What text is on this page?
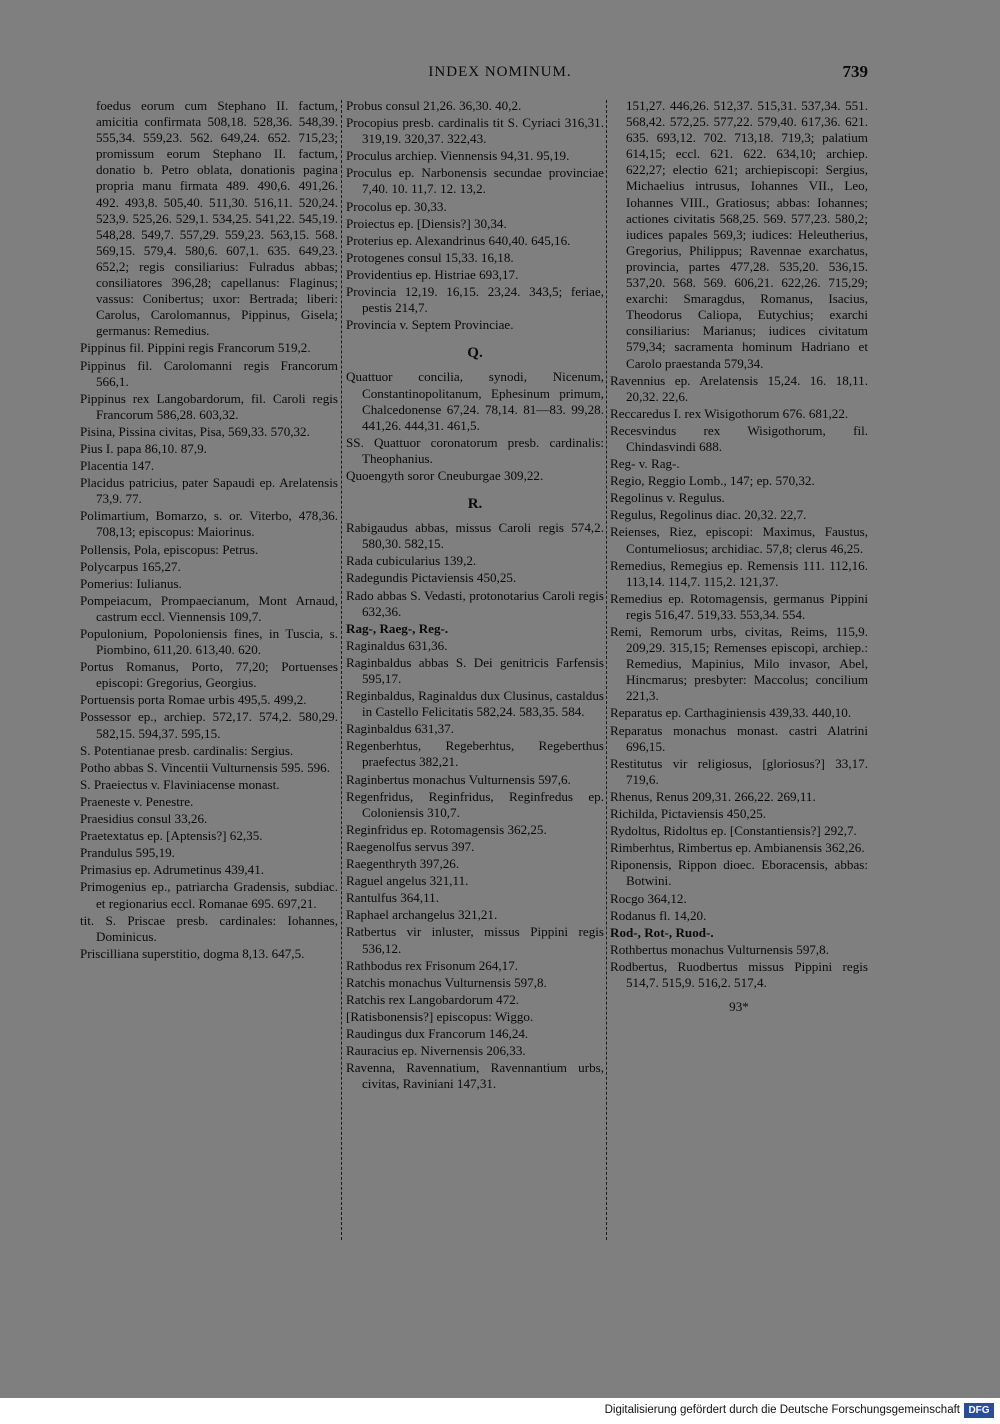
INDEX NOMINUM.	739
foedus eorum cum Stephano II. factum, amicitia confirmata 508,18. 528,36. 548,39. 555,34. 559,23. 562. 649,24. 652. 715,23; promissum eorum Stephano II. factum, donatio b. Petro oblata, donationis pagina propria manu firmata 489. 490,6. 491,26. 492. 493,8. 505,40. 511,30. 516,11. 520,24. 523,9. 525,26. 529,1. 534,25. 541,22. 545,19. 548,28. 549,7. 557,29. 559,23. 563,15. 568. 569,15. 579,4. 580,6. 607,1. 635. 649,23. 652,2; regis consiliarius: Fulradus abbas; consiliatores 396,28; capellanus: Flaginus; vassus: Conibertus; uxor: Bertrada; liberi: Carolus, Carolomannus, Pippinus, Gisela; germanus: Remedius.
Pippinus fil. Pippini regis Francorum 519,2.
Pippinus fil. Carolomanni regis Francorum 566,1.
Pippinus rex Langobardorum, fil. Caroli regis Francorum 586,28. 603,32.
Pisina, Pissina civitas, Pisa, 569,33. 570,32.
Pius I. papa 86,10. 87,9.
Placentia 147.
Placidus patricius, pater Sapaudi ep. Arelatensis 73,9. 77.
Polimartium, Bomarzo, s. or. Viterbo, 478,36. 708,13; episcopus: Maiorinus.
Pollensis, Pola, episcopus: Petrus.
Polycarpus 165,27.
Pomerius: Iulianus.
Pompeiacum, Prompaecianum, Mont Arnaud, castrum eccl. Viennensis 109,7.
Populonium, Popoloniensis fines, in Tuscia, s. Piombino, 611,20. 613,40. 620.
Portus Romanus, Porto, 77,20; Portuenses episcopi: Gregorius, Georgius.
Portuensis porta Romae urbis 495,5. 499,2.
Possessor ep., archiep. 572,17. 574,2. 580,29. 582,15. 594,37. 595,15.
S. Potentianae presb. cardinalis: Sergius.
Potho abbas S. Vincentii Vulturnensis 595. 596.
S. Praeiectus v. Flaviniacense monast.
Praeneste v. Penestre.
Praesidius consul 33,26.
Praetextatus ep. [Aptensis?] 62,35.
Prandulus 595,19.
Primasius ep. Adrumetinus 439,41.
Primogenius ep., patriarcha Gradensis, subdiac. et regionarius eccl. Romanae 695. 697,21.
tit. S. Priscae presb. cardinales: Iohannes, Dominicus.
Priscilliana superstitio, dogma 8,13. 647,5.
Probus consul 21,26. 36,30. 40,2.
Procopius presb. cardinalis tit S. Cyriaci 316,31. 319,19. 320,37. 322,43.
Proculus archiep. Viennensis 94,31. 95,19.
Proculus ep. Narbonensis secundae provinciae 7,40. 10. 11,7. 12. 13,2.
Procolus ep. 30,33.
Proiectus ep. [Diensis?] 30,34.
Proterius ep. Alexandrinus 640,40. 645,16.
Protogenes consul 15,33. 16,18.
Providentius ep. Histriae 693,17.
Provincia 12,19. 16,15. 23,24. 343,5; feriae, pestis 214,7.
Provincia v. Septem Provinciae.
Q.
Quattuor concilia, synodi, Nicenum, Constantinopolitanum, Ephesinum primum, Chalcedonense 67,24. 78,14. 81—83. 99,28. 441,26. 444,31. 461,5.
SS. Quattuor coronatorum presb. cardinalis: Theophanius.
Quoengyth soror Cneuburgae 309,22.
R.
Rabigaudus abbas, missus Caroli regis 574,2. 580,30. 582,15.
Rada cubicularius 139,2.
Radegundis Pictaviensis 450,25.
Rado abbas S. Vedasti, protonotarius Caroli regis 632,36.
Rag-, Raeg-, Reg-.
Raginaldus 631,36.
Raginbaldus abbas S. Dei genitricis Farfensis 595,17.
Reginbaldus, Raginaldus dux Clusinus, castaldus in Castello Felicitatis 582,24. 583,35. 584.
Raginbaldus 631,37.
Regenberhtus, Regeberhtus, Regeberthus praefectus 382,21.
Raginbertus monachus Vulturnensis 597,6.
Regenfridus, Reginfridus, Reginfredus ep. Coloniensis 310,7.
Reginfridus ep. Rotomagensis 362,25.
Raegenolfus servus 397.
Raegenthryth 397,26.
Raguel angelus 321,11.
Rantulfus 364,11.
Raphael archangelus 321,21.
Ratbertus vir inluster, missus Pippini regis 536,12.
Rathbodus rex Frisonum 264,17.
Ratchis monachus Vulturnensis 597,8.
Ratchis rex Langobardorum 472.
[Ratisbonensis?] episcopus: Wiggo.
Raudingus dux Francorum 146,24.
Rauracius ep. Nivernensis 206,33.
Ravenna, Ravennatium, Ravennantium urbs, civitas, Raviniani 147,31.
151,27. 446,26. 512,37. 515,31. 537,34. 551. 568,42. 572,25. 577,22. 579,40. 617,36. 621. 635. 693,12. 702. 713,18. 719,3; palatium 614,15; eccl. 621. 622. 634,10; archiep. 622,27; electio 621; archiepiscopi: Sergius, Michaelius intrusus, Iohannes VII., Leo, Iohannes VIII., Gratiosus; abbas: Iohannes; actiones civitatis 568,25. 569. 577,23. 580,2; iudices papales 569,3; iudices: Heleutherius, Gregorius, Philippus; Ravennae exarchatus, provincia, partes 477,28. 535,20. 536,15. 537,20. 568. 569. 606,21. 622,26. 715,29; exarchi: Smaragdus, Romanus, Isacius, Theodorus Caliopa, Eutychius; exarchi consiliarius: Marianus; iudices civitatum 579,34; sacramenta hominum Hadriano et Carolo praestanda 579,34.
Ravennius ep. Arelatensis 15,24. 16. 18,11. 20,32. 22,6.
Reccaredus I. rex Wisigothorum 676. 681,22.
Recesvindus rex Wisigothorum, fil. Chindasvindi 688.
Reg- v. Rag-.
Regio, Reggio Lomb., 147; ep. 570,32.
Regolinus v. Regulus.
Regulus, Regolinus diac. 20,32. 22,7.
Reienses, Riez, episcopi: Maximus, Faustus, Contumeliosus; archidiac. 57,8; clerus 46,25.
Remedius, Remegius ep. Remensis 111. 112,16. 113,14. 114,7. 115,2. 121,37.
Remedius ep. Rotomagensis, germanus Pippini regis 516,47. 519,33. 553,34. 554.
Remi, Remorum urbs, civitas, Reims, 115,9. 209,29. 315,15; Remenses episcopi, archiep.: Remedius, Mapinius, Milo invasor, Abel, Hincmarus; presbyter: Maccolus; concilium 221,3.
Reparatus ep. Carthaginiensis 439,33. 440,10.
Reparatus monachus monast. castri Alatrini 696,15.
Restitutus vir religiosus, [gloriosus?] 33,17. 719,6.
Rhenus, Renus 209,31. 266,22. 269,11.
Richilda, Pictaviensis 450,25.
Rydoltus, Ridoltus ep. [Constantiensis?] 292,7.
Rimberhtus, Rimbertus ep. Ambianensis 362,26.
Riponensis, Rippon dioec. Eboracensis, abbas: Botwini.
Rocgo 364,12.
Rodanus fl. 14,20.
Rod-, Rot-, Ruod-.
Rothbertus monachus Vulturnensis 597,8.
Rodbertus, Ruodbertus missus Pippini regis 514,7. 515,9. 516,2. 517,4.
93*
Digitalisierung gefördert durch die Deutsche Forschungsgemeinschaft DFG
